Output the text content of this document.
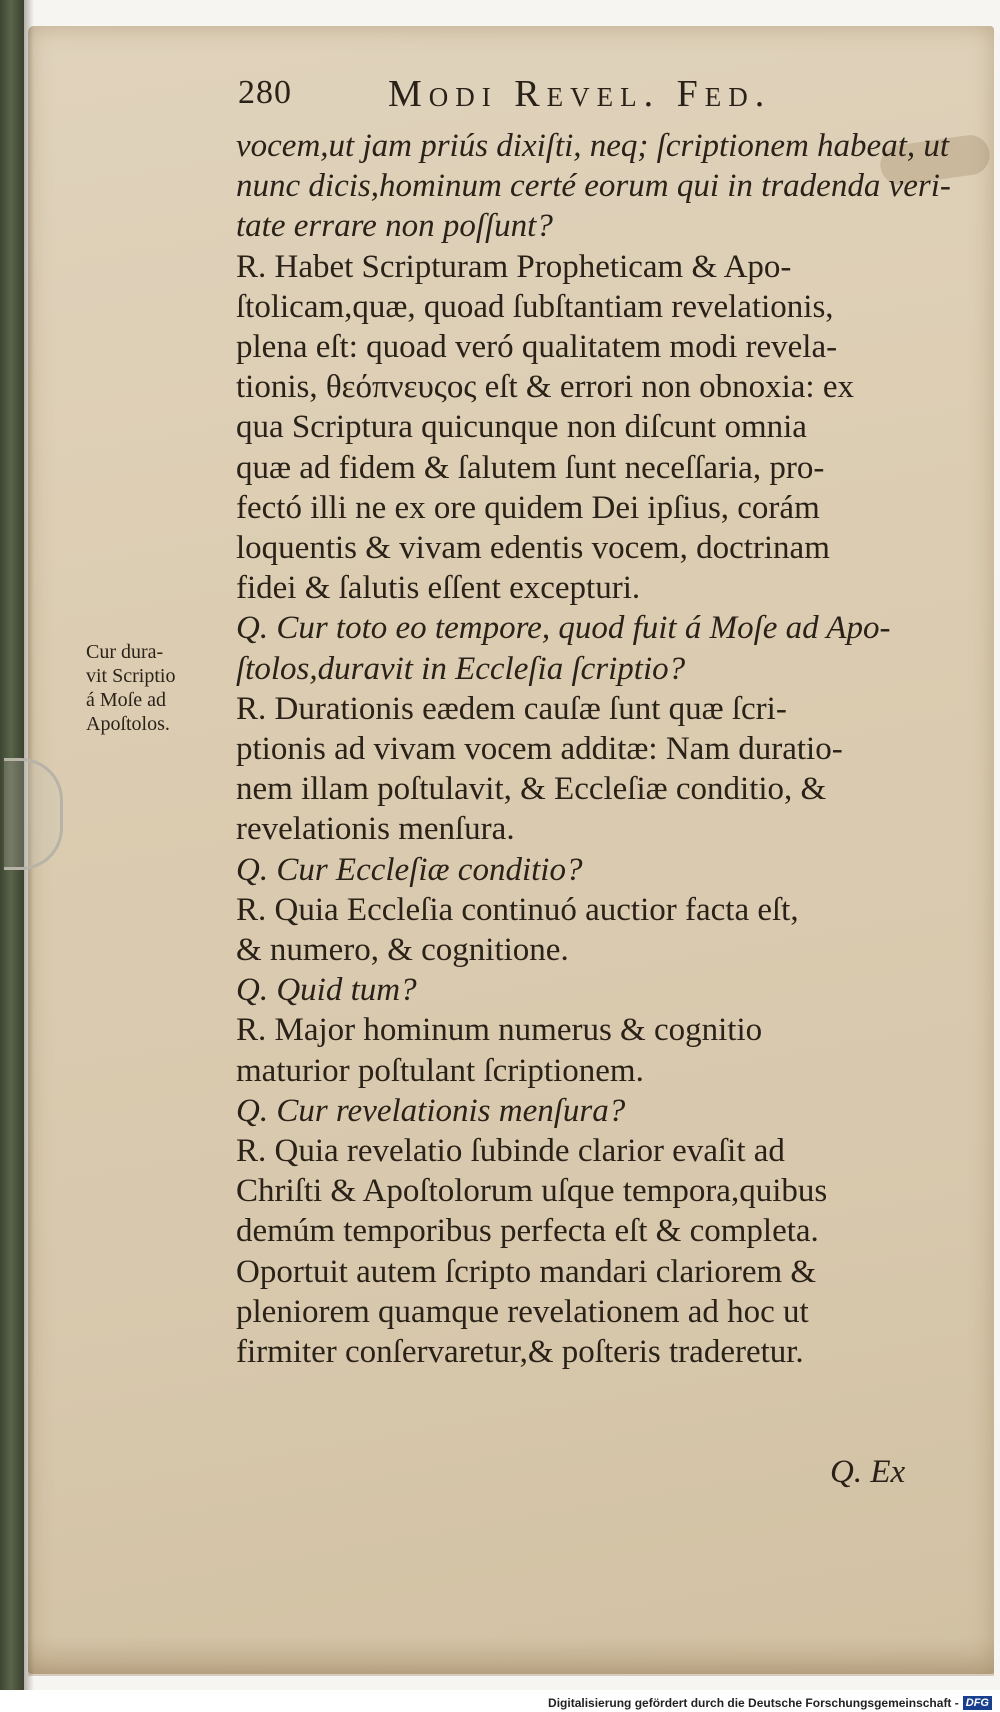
280	Modi Revel. Fed.
vocem,ut jam priús dixiſti, neq; ſcriptionem habeat, ut
nunc dicis,hominum certé eorum qui in tradenda veri-
tate errare non poſſunt?
R. Habet Scripturam Propheticam & Apo-
ſtolicam,quæ, quoad ſubſtantiam revelationis,
plena eſt: quoad veró qualitatem modi revela-
tionis, θεόπνευςος eſt & errori non obnoxia: ex
qua Scriptura quicunque non diſcunt omnia
quæ ad fidem & ſalutem ſunt neceſſaria, pro-
fectó illi ne ex ore quidem Dei ipſius, corám
loquentis & vivam edentis vocem, doctrinam
fidei & ſalutis eſſent excepturi.
Q. Cur toto eo tempore, quod fuit á Moſe ad Apo-
ſtolos,duravit in Eccleſia ſcriptio?
R. Durationis eædem cauſæ ſunt quæ ſcri-
ptionis ad vivam vocem additæ: Nam duratio-
nem illam poſtulavit, & Eccleſiæ conditio, &
revelationis menſura.
Q. Cur Eccleſiæ conditio?
R. Quia Eccleſia continuó auctior facta eſt,
& numero, & cognitione.
Q. Quid tum?
R. Major hominum numerus & cognitio
maturior poſtulant ſcriptionem.
Q. Cur revelationis menſura?
R. Quia revelatio ſubinde clarior evaſit ad
Chriſti & Apoſtolorum uſque tempora,quibus
demúm temporibus perfecta eſt & completa.
Oportuit autem ſcripto mandari clariorem &
pleniorem quamque revelationem ad hoc ut
firmiter conſervaretur,& poſteris traderetur.
Cur dura-
vit Scriptio
á Moſe ad
Apoſtolos.
Q. Ex
Digitalisierung gefördert durch die Deutsche Forschungsgemeinschaft - DFG
